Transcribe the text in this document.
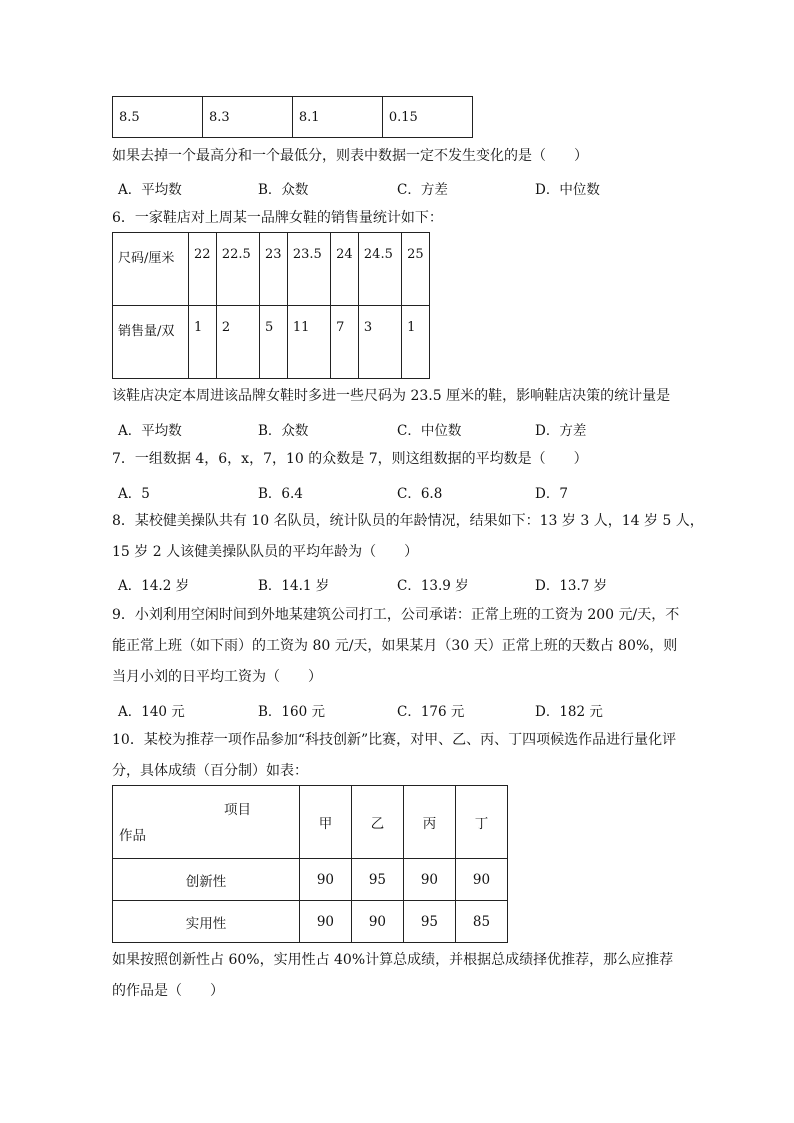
8.5	8.3	8.1	0.15
如果去掉一个最高分和一个最低分，则表中数据一定不发生变化的是（　　）
A．平均数	B．众数	C．方差	D．中位数
6．一家鞋店对上周某一品牌女鞋的销售量统计如下：
尺码/厘米	22	22.5	23	23.5	24	24.5	25
销售量/双	1	2	5	11	7	3	1
该鞋店决定本周进该品牌女鞋时多进一些尺码为 23.5 厘米的鞋，影响鞋店决策的统计量是
A．平均数	B．众数	C．中位数	D．方差
7．一组数据 4，6，x，7，10 的众数是 7，则这组数据的平均数是（　　）
A．5	B．6.4	C．6.8	D．7
8．某校健美操队共有 10 名队员，统计队员的年龄情况，结果如下：13 岁 3 人，14 岁 5 人，
15 岁 2 人该健美操队队员的平均年龄为（　　）
A．14.2 岁	B．14.1 岁	C．13.9 岁	D．13.7 岁
9．小刘利用空闲时间到外地某建筑公司打工，公司承诺：正常上班的工资为 200 元/天，不
能正常上班（如下雨）的工资为 80 元/天，如果某月（30 天）正常上班的天数占 80%，则
当月小刘的日平均工资为（　　）
A．140 元	B．160 元	C．176 元	D．182 元
10．某校为推荐一项作品参加“科技创新”比赛，对甲、乙、丙、丁四项候选作品进行量化评
分，具体成绩（百分制）如表：
项目
作品	甲	乙	丙	丁
创新性	90	95	90	90
实用性	90	90	95	85
如果按照创新性占 60%，实用性占 40%计算总成绩，并根据总成绩择优推荐，那么应推荐
的作品是（　　）
